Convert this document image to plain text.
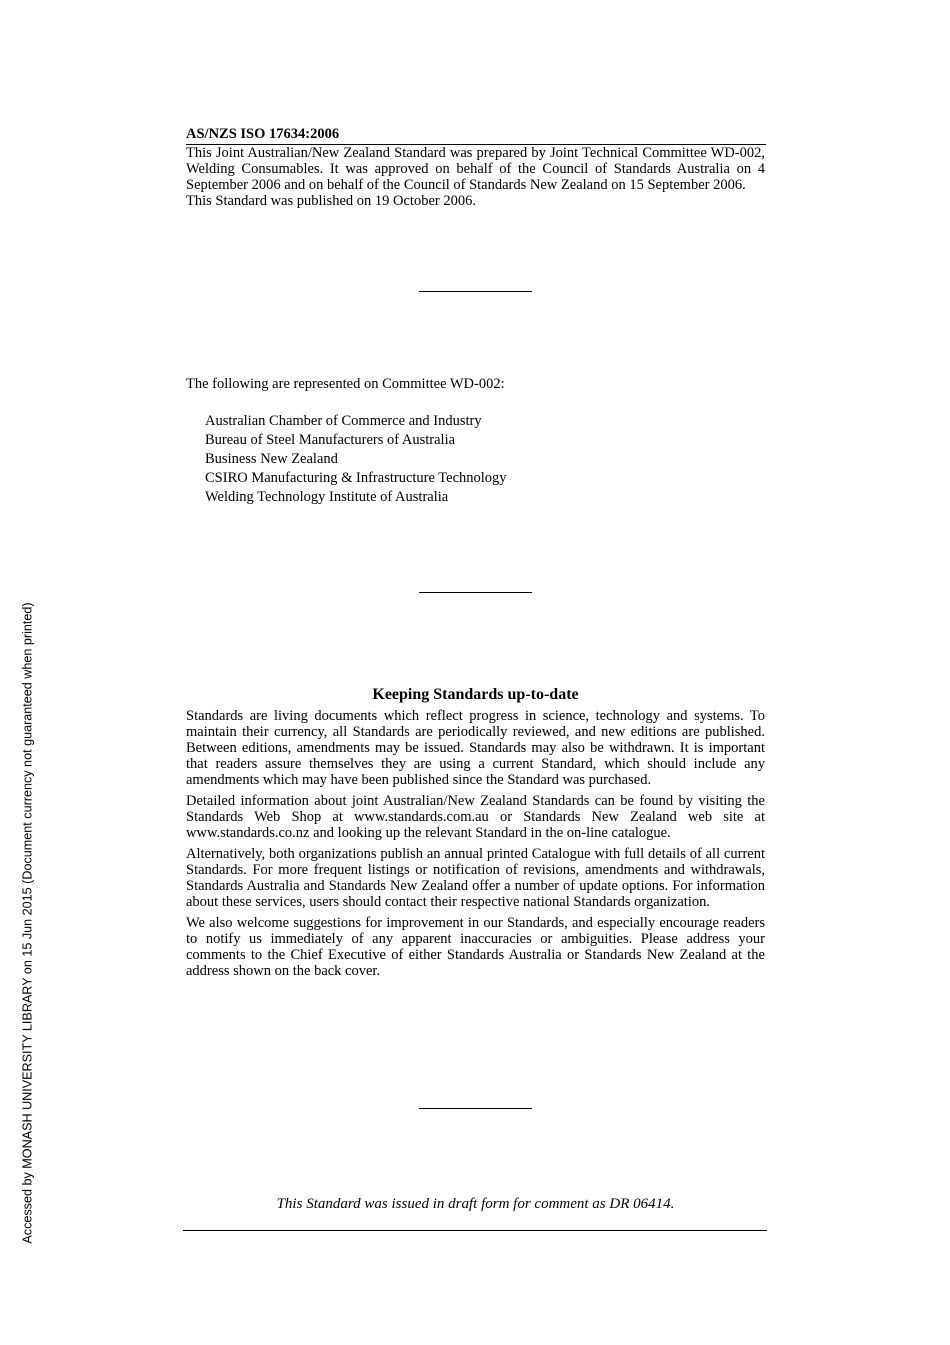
Accessed by MONASH UNIVERSITY LIBRARY on 15 Jun 2015 (Document currency not guaranteed when printed)
AS/NZS ISO 17634:2006

This Joint Australian/New Zealand Standard was prepared by Joint Technical Committee WD-002, Welding Consumables. It was approved on behalf of the Council of Standards Australia on 4 September 2006 and on behalf of the Council of Standards New Zealand on 15 September 2006.

This Standard was published on 19 October 2006.

The following are represented on Committee WD-002:
Australian Chamber of Commerce and Industry
Bureau of Steel Manufacturers of Australia
Business New Zealand
CSIRO Manufacturing & Infrastructure Technology
Welding Technology Institute of Australia
Keeping Standards up-to-date

Standards are living documents which reflect progress in science, technology and systems. To maintain their currency, all Standards are periodically reviewed, and new editions are published. Between editions, amendments may be issued. Standards may also be withdrawn. It is important that readers assure themselves they are using a current Standard, which should include any amendments which may have been published since the Standard was purchased.

Detailed information about joint Australian/New Zealand Standards can be found by visiting the Standards Web Shop at www.standards.com.au or Standards New Zealand web site at www.standards.co.nz and looking up the relevant Standard in the on-line catalogue.

Alternatively, both organizations publish an annual printed Catalogue with full details of all current Standards. For more frequent listings or notification of revisions, amendments and withdrawals, Standards Australia and Standards New Zealand offer a number of update options. For information about these services, users should contact their respective national Standards organization.

We also welcome suggestions for improvement in our Standards, and especially encourage readers to notify us immediately of any apparent inaccuracies or ambiguities. Please address your comments to the Chief Executive of either Standards Australia or Standards New Zealand at the address shown on the back cover.

This Standard was issued in draft form for comment as DR 06414.
